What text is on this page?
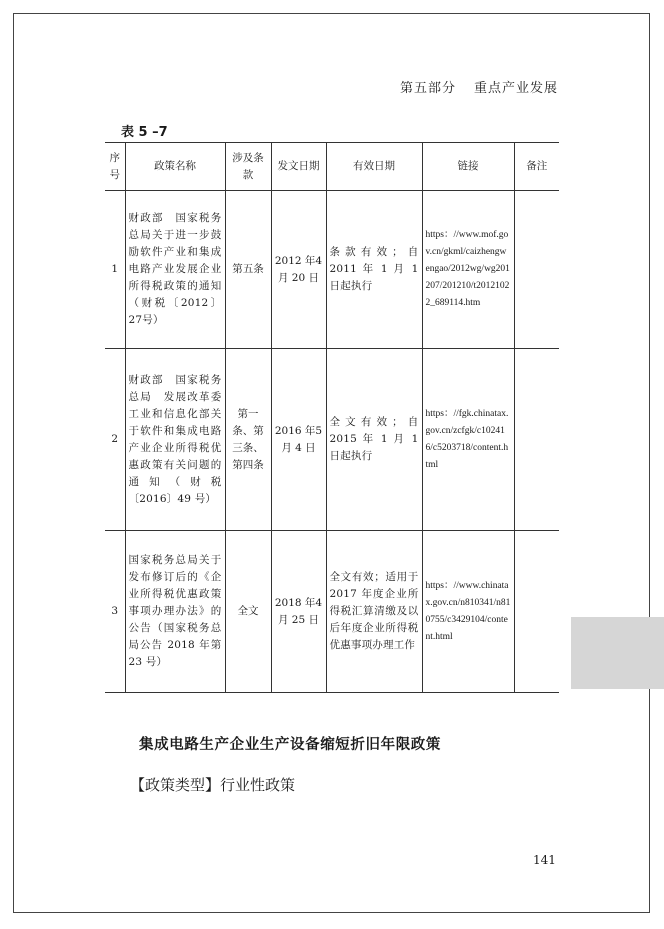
第五部分 重点产业发展
表 5 –7
序号	政策名称	涉及条款	发文日期	有效日期	链接	备注
1	财政部　国家税务总局关于进一步鼓励软件产业和集成电路产业发展企业所得税政策的通知（财税〔2012〕27号）	第五条	2012 年4 月 20 日	条款有效；自2011 年 1 月 1 日起执行	https：//www.mof.gov.cn/gkml/caizhengwengao/2012wg/wg201207/201210/t20121022_689114.htm	
2	财政部　国家税务总局　发展改革委　工业和信息化部关于软件和集成电路产业企业所得税优惠政策有关问题的通知（财税〔2016〕49 号）	第一条、第三条、第四条	2016 年5 月 4 日	全文有效；自2015 年 1 月 1 日起执行	https：//fgk.chinatax.gov.cn/zcfgk/c102416/c5203718/content.html	
3	国家税务总局关于发布修订后的《企业所得税优惠政策事项办理办法》的公告（国家税务总局公告 2018 年第23 号）	全文	2018 年4 月 25 日	全文有效；适用于 2017 年度企业所得税汇算清缴及以后年度企业所得税优惠事项办理工作	https：//www.chinatax.gov.cn/n810341/n810755/c3429104/content.html	
集成电路生产企业生产设备缩短折旧年限政策
【政策类型】行业性政策
141
